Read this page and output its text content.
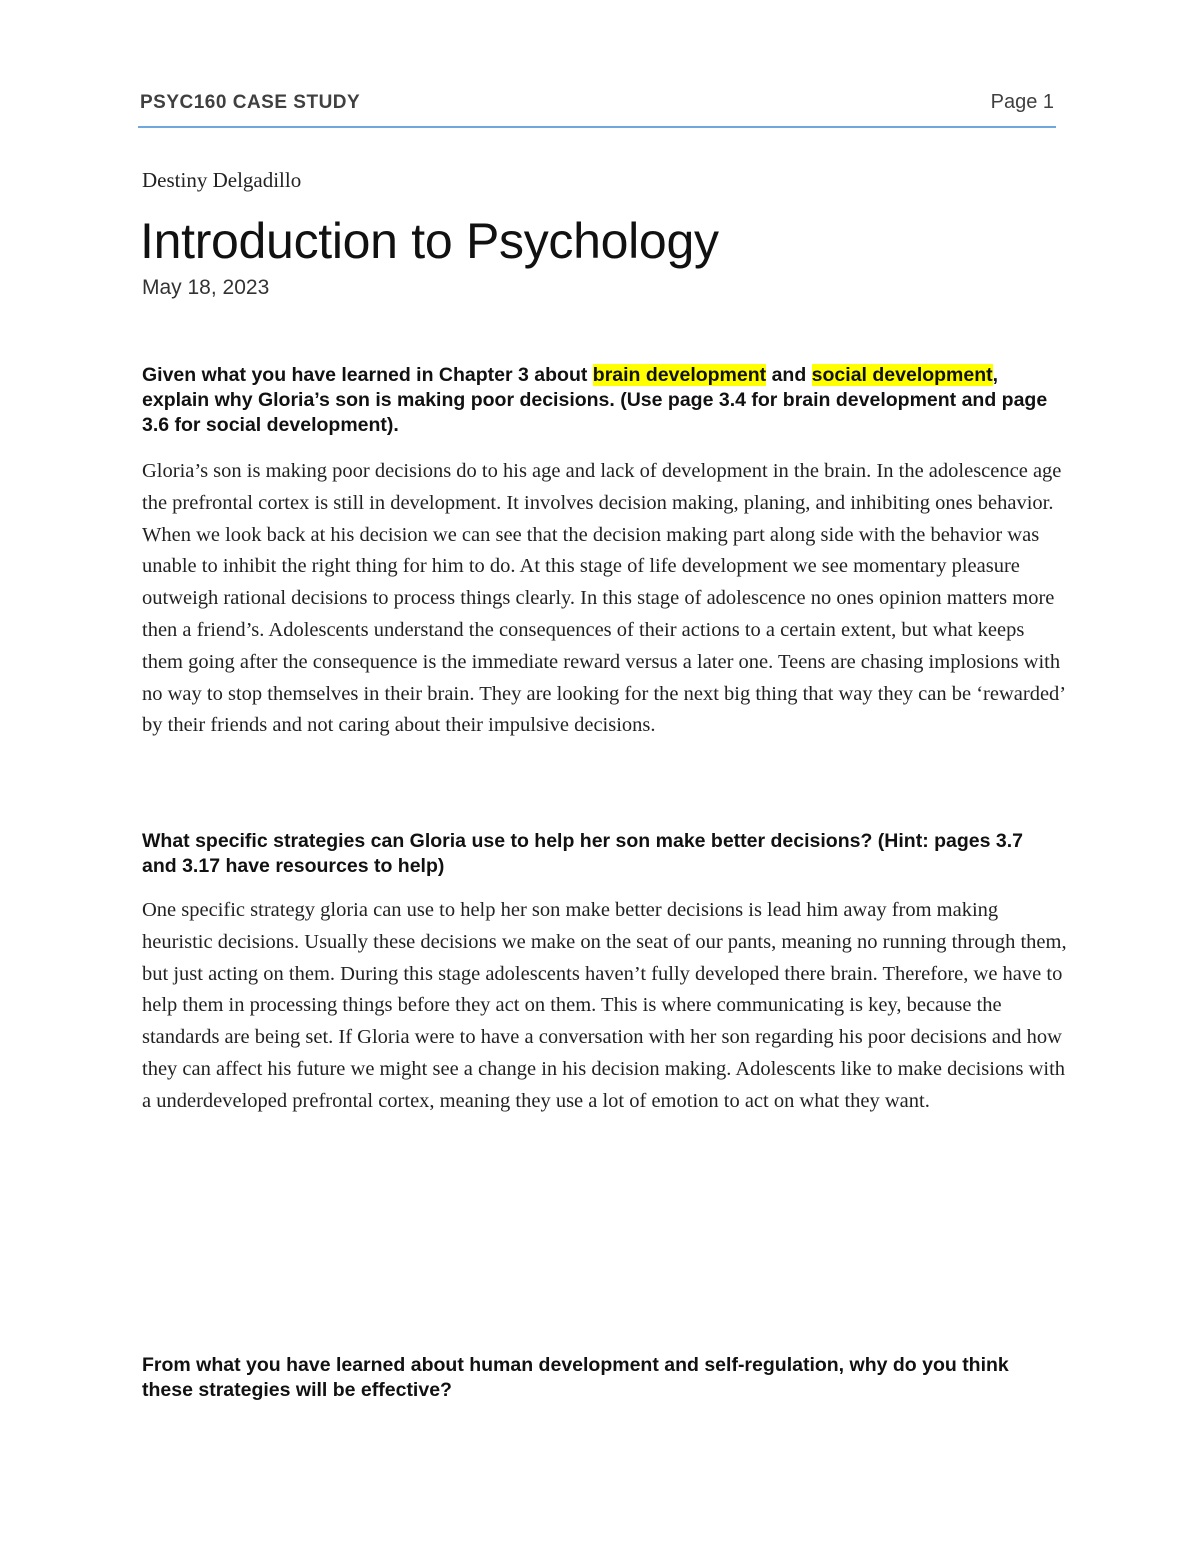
PSYC160 CASE STUDY	Page 1
Destiny Delgadillo
Introduction to Psychology
May 18, 2023
Given what you have learned in Chapter 3 about brain development and social development, explain why Gloria’s son is making poor decisions. (Use page 3.4 for brain development and page 3.6 for social development).
Gloria’s son is making poor decisions do to his age and lack of development in the brain. In the adolescence age the prefrontal cortex is still in development. It involves decision making, planing, and inhibiting ones behavior. When we look back at his decision we can see that the decision making part along side with the behavior was unable to inhibit the right thing for him to do. At this stage of life development we see momentary pleasure outweigh rational decisions to process things clearly. In this stage of adolescence no ones opinion matters more then a friend’s. Adolescents understand the consequences of their actions to a certain extent, but what keeps them going after the consequence is the immediate reward versus a later one. Teens are chasing implosions with no way to stop themselves in their brain. They are looking for the next big thing that way they can be ‘rewarded’ by their friends and not caring about their impulsive decisions.
What specific strategies can Gloria use to help her son make better decisions? (Hint: pages 3.7 and 3.17 have resources to help)
One specific strategy gloria can use to help her son make better decisions is lead him away from making heuristic decisions. Usually these decisions we make on the seat of our pants, meaning no running through them, but just acting on them. During this stage adolescents haven’t fully developed there brain. Therefore, we have to help them in processing things before they act on them. This is where communicating is key, because the standards are being set. If Gloria were to have a conversation with her son regarding his poor decisions and how they can affect his future we might see a change in his decision making. Adolescents like to make decisions with a underdeveloped prefrontal cortex, meaning they use a lot of emotion to act on what they want.
From what you have learned about human development and self-regulation, why do you think these strategies will be effective?
